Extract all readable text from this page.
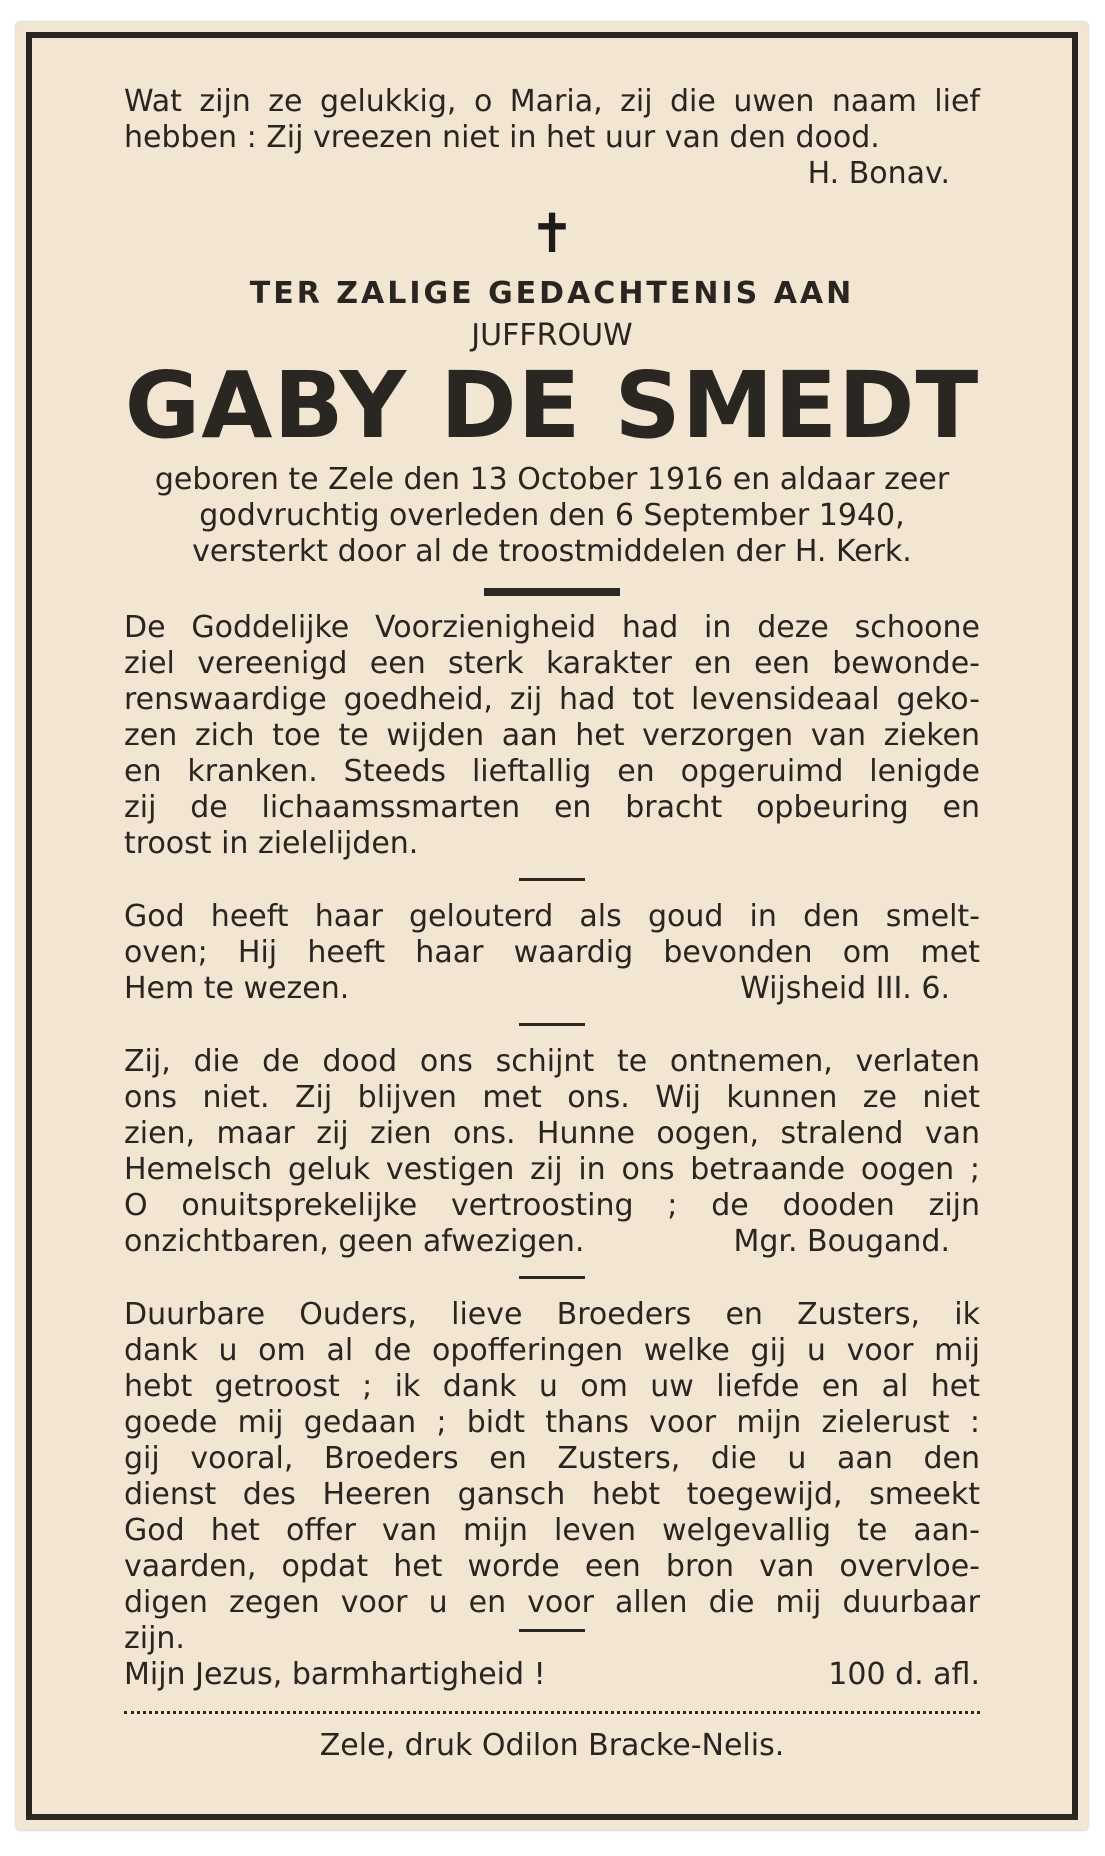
Wat zijn ze gelukkig, o Maria, zij die uwen naam lief
hebben : Zij vreezen niet in het uur van den dood.
H. Bonav.
✝
TER ZALIGE GEDACHTENIS AAN
JUFFROUW
GABY DE SMEDT
geboren te Zele den 13 October 1916 en aldaar zeer
godvruchtig overleden den 6 September 1940,
versterkt door al de troostmiddelen der H. Kerk.
De Goddelijke Voorzienigheid had in deze schoone
ziel vereenigd een sterk karakter en een bewonde-
renswaardige goedheid, zij had tot levensideaal geko-
zen zich toe te wijden aan het verzorgen van zieken
en kranken. Steeds lieftallig en opgeruimd lenigde
zij de lichaamssmarten en bracht opbeuring en
troost in zielelijden.
God heeft haar gelouterd als goud in den smelt-
oven; Hij heeft haar waardig bevonden om met
Hem te wezen.	Wijsheid III. 6.
Zij, die de dood ons schijnt te ontnemen, verlaten
ons niet. Zij blijven met ons. Wij kunnen ze niet
zien, maar zij zien ons. Hunne oogen, stralend van
Hemelsch geluk vestigen zij in ons betraande oogen ;
O onuitsprekelijke vertroosting ; de dooden zijn
onzichtbaren, geen afwezigen.	Mgr. Bougand.
Duurbare Ouders, lieve Broeders en Zusters, ik
dank u om al de opofferingen welke gij u voor mij
hebt getroost ; ik dank u om uw liefde en al het
goede mij gedaan ; bidt thans voor mijn zielerust :
gij vooral, Broeders en Zusters, die u aan den
dienst des Heeren gansch hebt toegewijd, smeekt
God het offer van mijn leven welgevallig te aan-
vaarden, opdat het worde een bron van overvloe-
digen zegen voor u en voor allen die mij duurbaar
zijn.
Mijn Jezus, barmhartigheid !	100 d. afl.
Zele, druk Odilon Bracke-Nelis.
